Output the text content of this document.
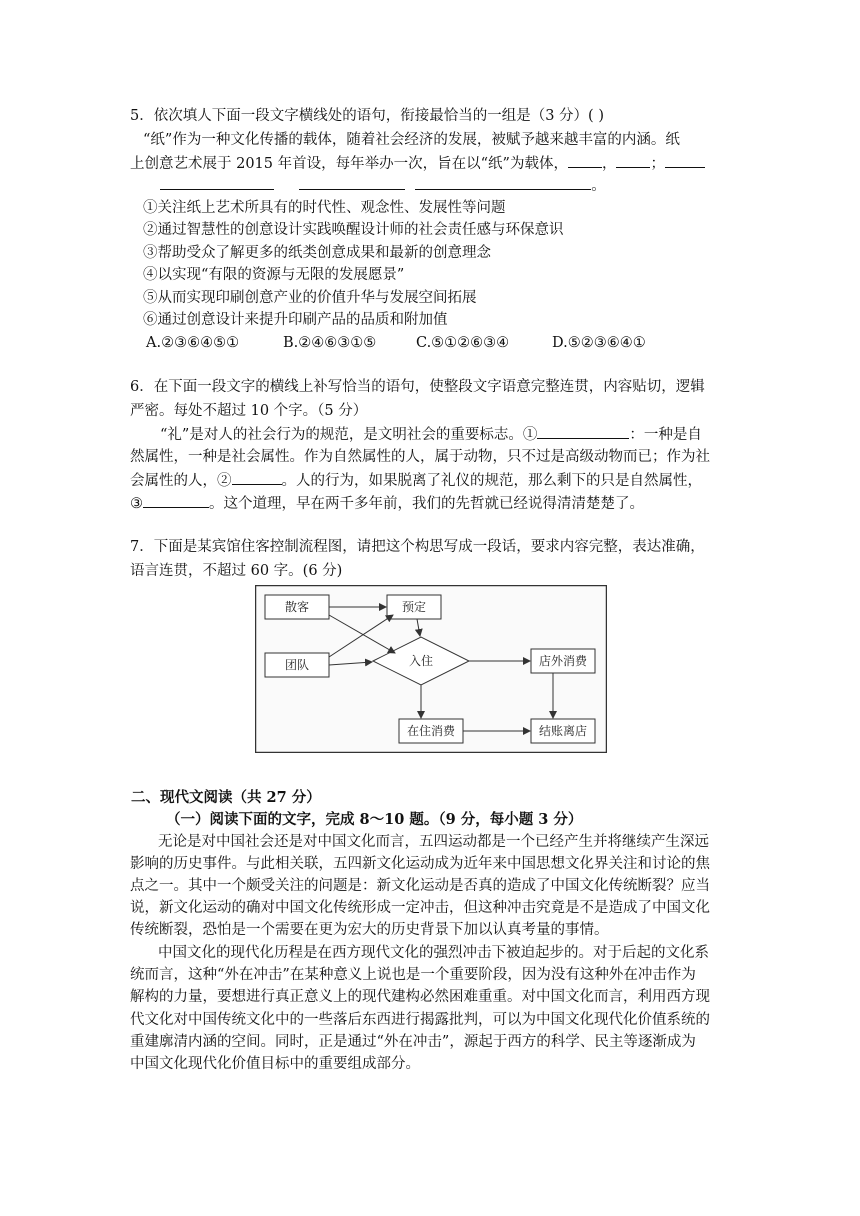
5．依次填人下面一段文字横线处的语句，衔接最恰当的一组是（3 分）( )
“纸”作为一种文化传播的载体，随着社会经济的发展，被赋予越来越丰富的内涵。纸
上创意艺术展于 2015 年首设，每年举办一次，旨在以“纸”为载体， ， ；
。
①关注纸上艺术所具有的时代性、观念性、发展性等问题
②通过智慧性的创意设计实践唤醒设计师的社会责任感与环保意识
③帮助受众了解更多的纸类创意成果和最新的创意理念
④以实现“有限的资源与无限的发展愿景”
⑤从而实现印刷创意产业的价值升华与发展空间拓展
⑥通过创意设计来提升印刷产品的品质和附加值
A.②③⑥④⑤①	B.②④⑥③①⑤	C.⑤①②⑥③④	D.⑤②③⑥④①
6．在下面一段文字的横线上补写恰当的语句，使整段文字语意完整连贯，内容贴切，逻辑
严密。每处不超过 10 个字。（5 分）
“礼”是对人的社会行为的规范，是文明社会的重要标志。①	：一种是自
然属性，一种是社会属性。作为自然属性的人，属于动物，只不过是高级动物而已；作为社
会属性的人，②	。人的行为，如果脱离了礼仪的规范，那么剩下的只是自然属性，
③	。这个道理，早在两千多年前，我们的先哲就已经说得清清楚楚了。
7．下面是某宾馆住客控制流程图，请把这个构思写成一段话，要求内容完整，表达准确，
语言连贯，不超过 60 字。(6 分)
散客	预定
团队	入住	店外消费
在住消费	结账离店
二、现代文阅读（共 27 分）
（一）阅读下面的文字，完成 8～10 题。（9 分，每小题 3 分）
无论是对中国社会还是对中国文化而言，五四运动都是一个已经产生并将继续产生深远
影响的历史事件。与此相关联，五四新文化运动成为近年来中国思想文化界关注和讨论的焦
点之一。其中一个颇受关注的问题是：新文化运动是否真的造成了中国文化传统断裂？应当
说，新文化运动的确对中国文化传统形成一定冲击，但这种冲击究竟是不是造成了中国文化
传统断裂，恐怕是一个需要在更为宏大的历史背景下加以认真考量的事情。
中国文化的现代化历程是在西方现代文化的强烈冲击下被迫起步的。对于后起的文化系
统而言，这种“外在冲击”在某种意义上说也是一个重要阶段，因为没有这种外在冲击作为
解构的力量，要想进行真正意义上的现代建构必然困难重重。对中国文化而言，利用西方现
代文化对中国传统文化中的一些落后东西进行揭露批判，可以为中国文化现代化价值系统的
重建廓清内涵的空间。同时，正是通过“外在冲击”，源起于西方的科学、民主等逐渐成为
中国文化现代化价值目标中的重要组成部分。
